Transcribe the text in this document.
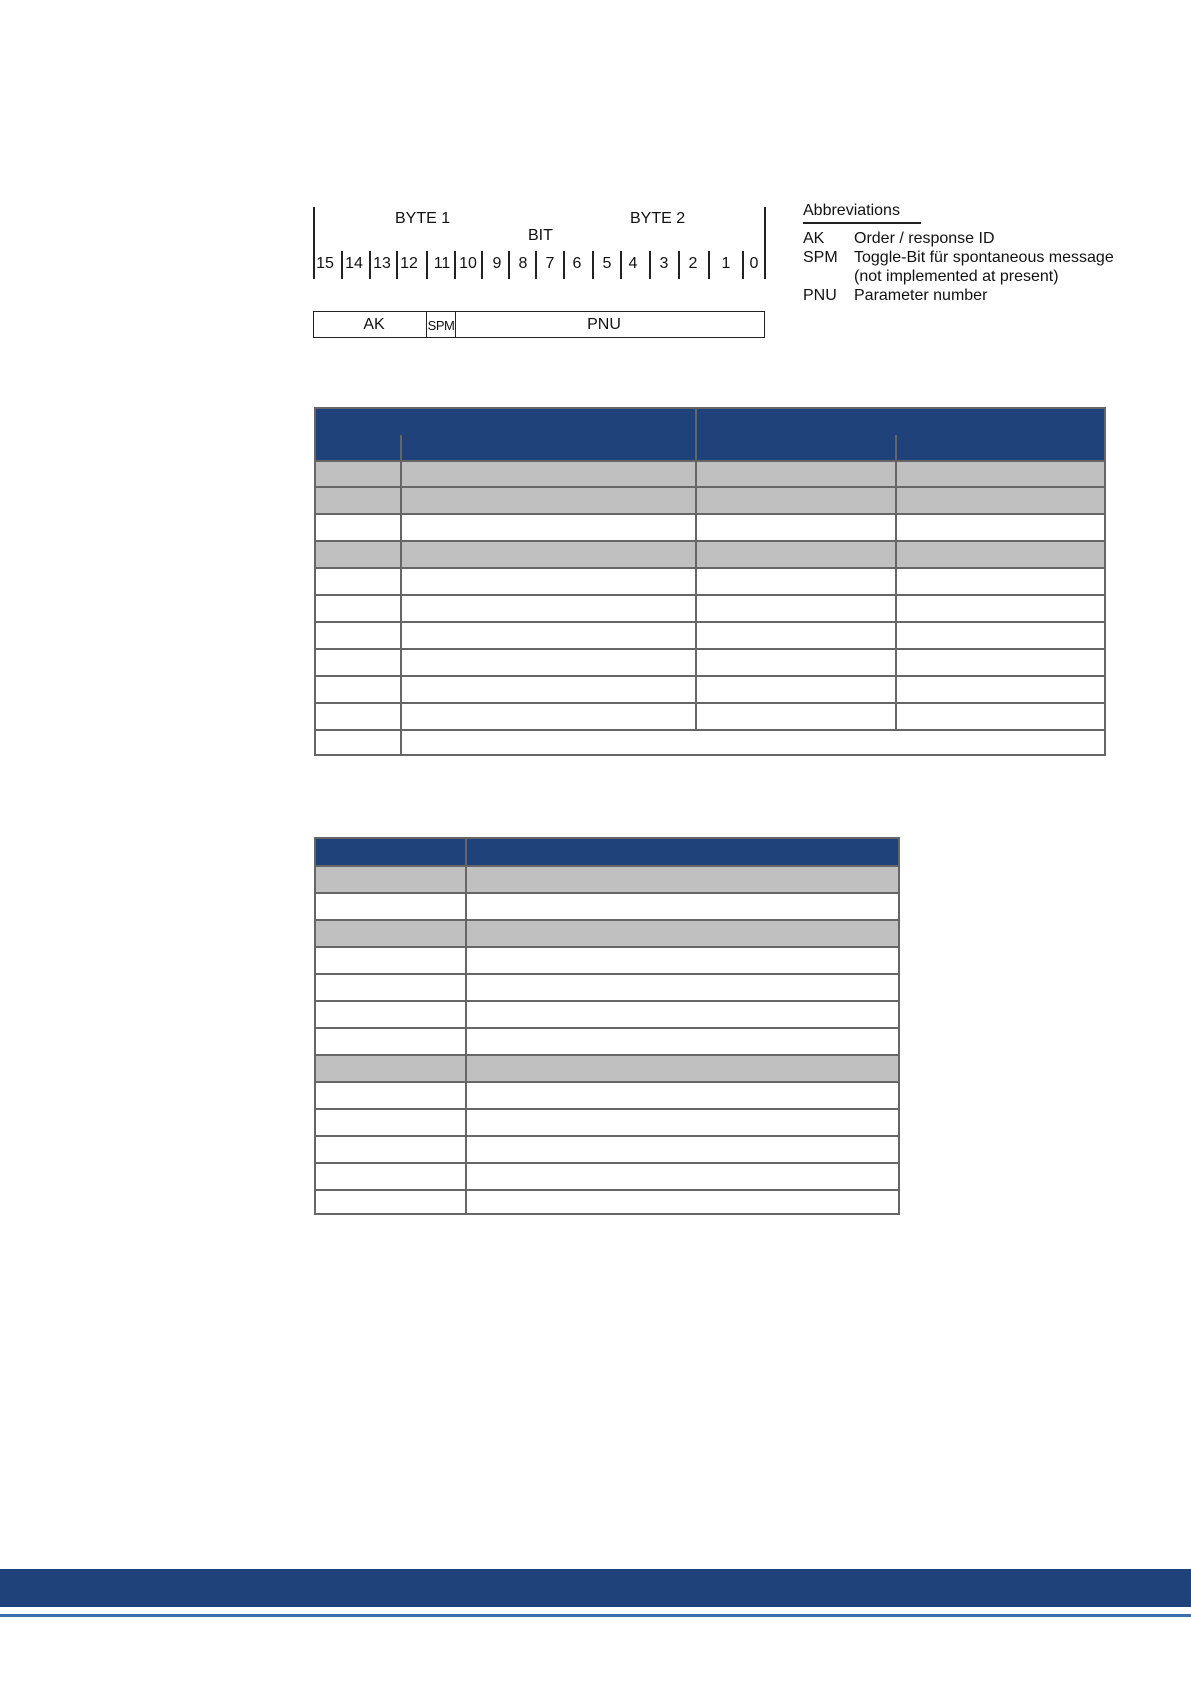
BYTE 1	BYTE 2
BIT
15 14 13 12 11 10 9 8 7 6 5 4 3 2 1 0
AK	SPM	PNU
Abbreviations
AK Order / response ID
SPM Toggle-Bit für spontaneous message
(not implemented at present)
PNU Parameter number
